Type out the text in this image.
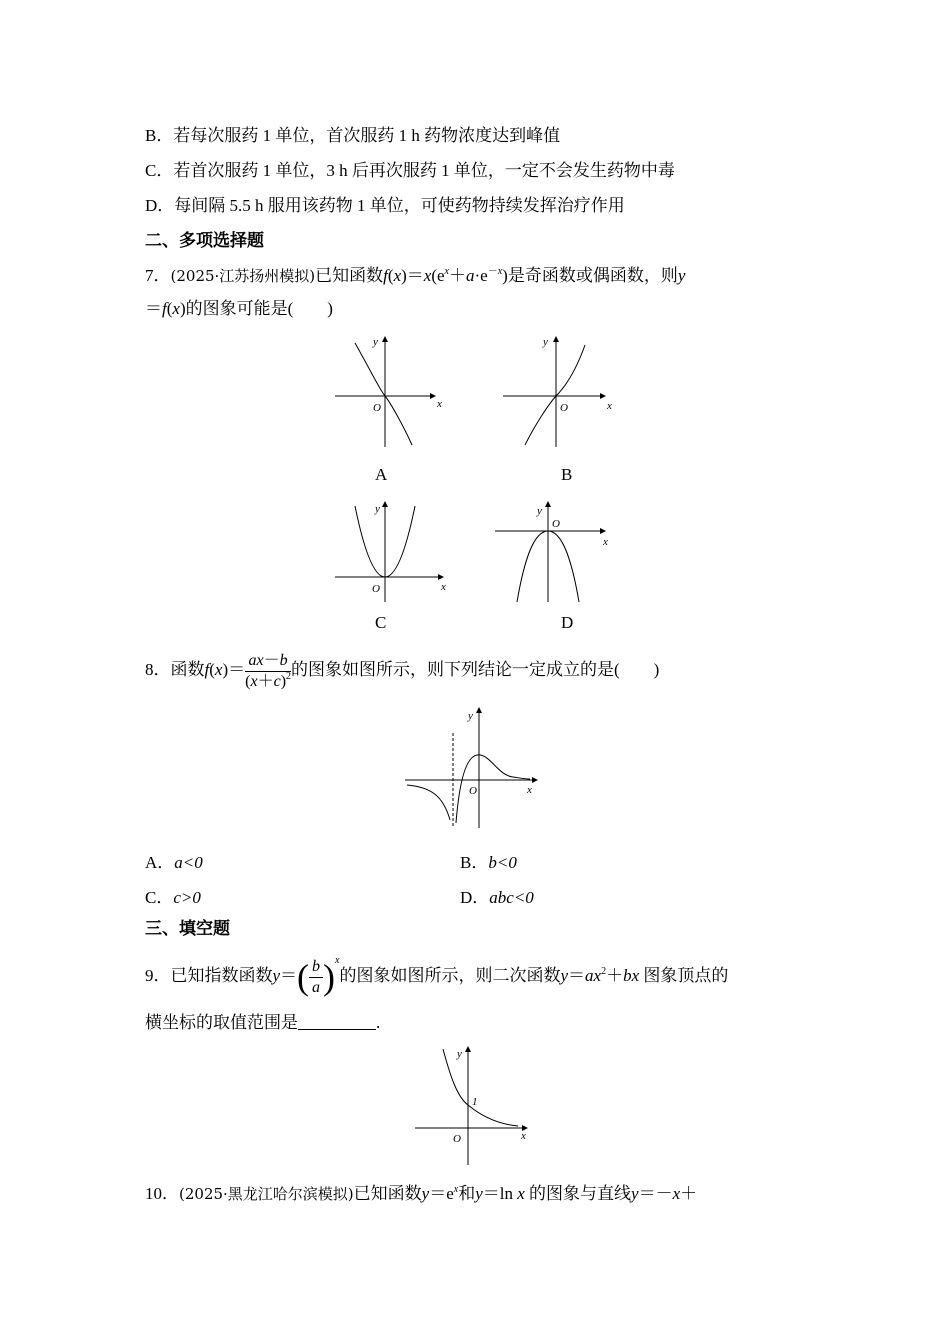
B．若每次服药 1 单位，首次服药 1 h 药物浓度达到峰值
C．若首次服药 1 单位，3 h 后再次服药 1 单位，一定不会发生药物中毒
D．每间隔 5.5 h 服用该药物 1 单位，可使药物持续发挥治疗作用
二、多项选择题
7．(2025·江苏扬州模拟)已知函数$f(x)=x(e^x+a\cdot e^{-x})$是奇函数或偶函数，则y
＝f(x)的图象可能是(　　)
O	x
y
A
O	x
y
B
O	x
y
C
O
x
y
D
8．函数$f(x)= \frac{ax-b}{(x+c)^2}$ 的图象如图所示，则下列结论一定成立的是(　　)
O	x
y
A．a<0	B．b<0
C．c>0	D．abc<0
三、填空题
9．已知指数函数$y=( \frac{b}{a} )^x$的图象如图所示，则二次函数$y=ax^2+bx$ 图象顶点的
横坐标的取值范围是	.
1
O	x
y
10．(2025·黑龙江哈尔滨模拟)已知函数$y=e^x$和y＝ln x 的图象与直线y＝－x＋
